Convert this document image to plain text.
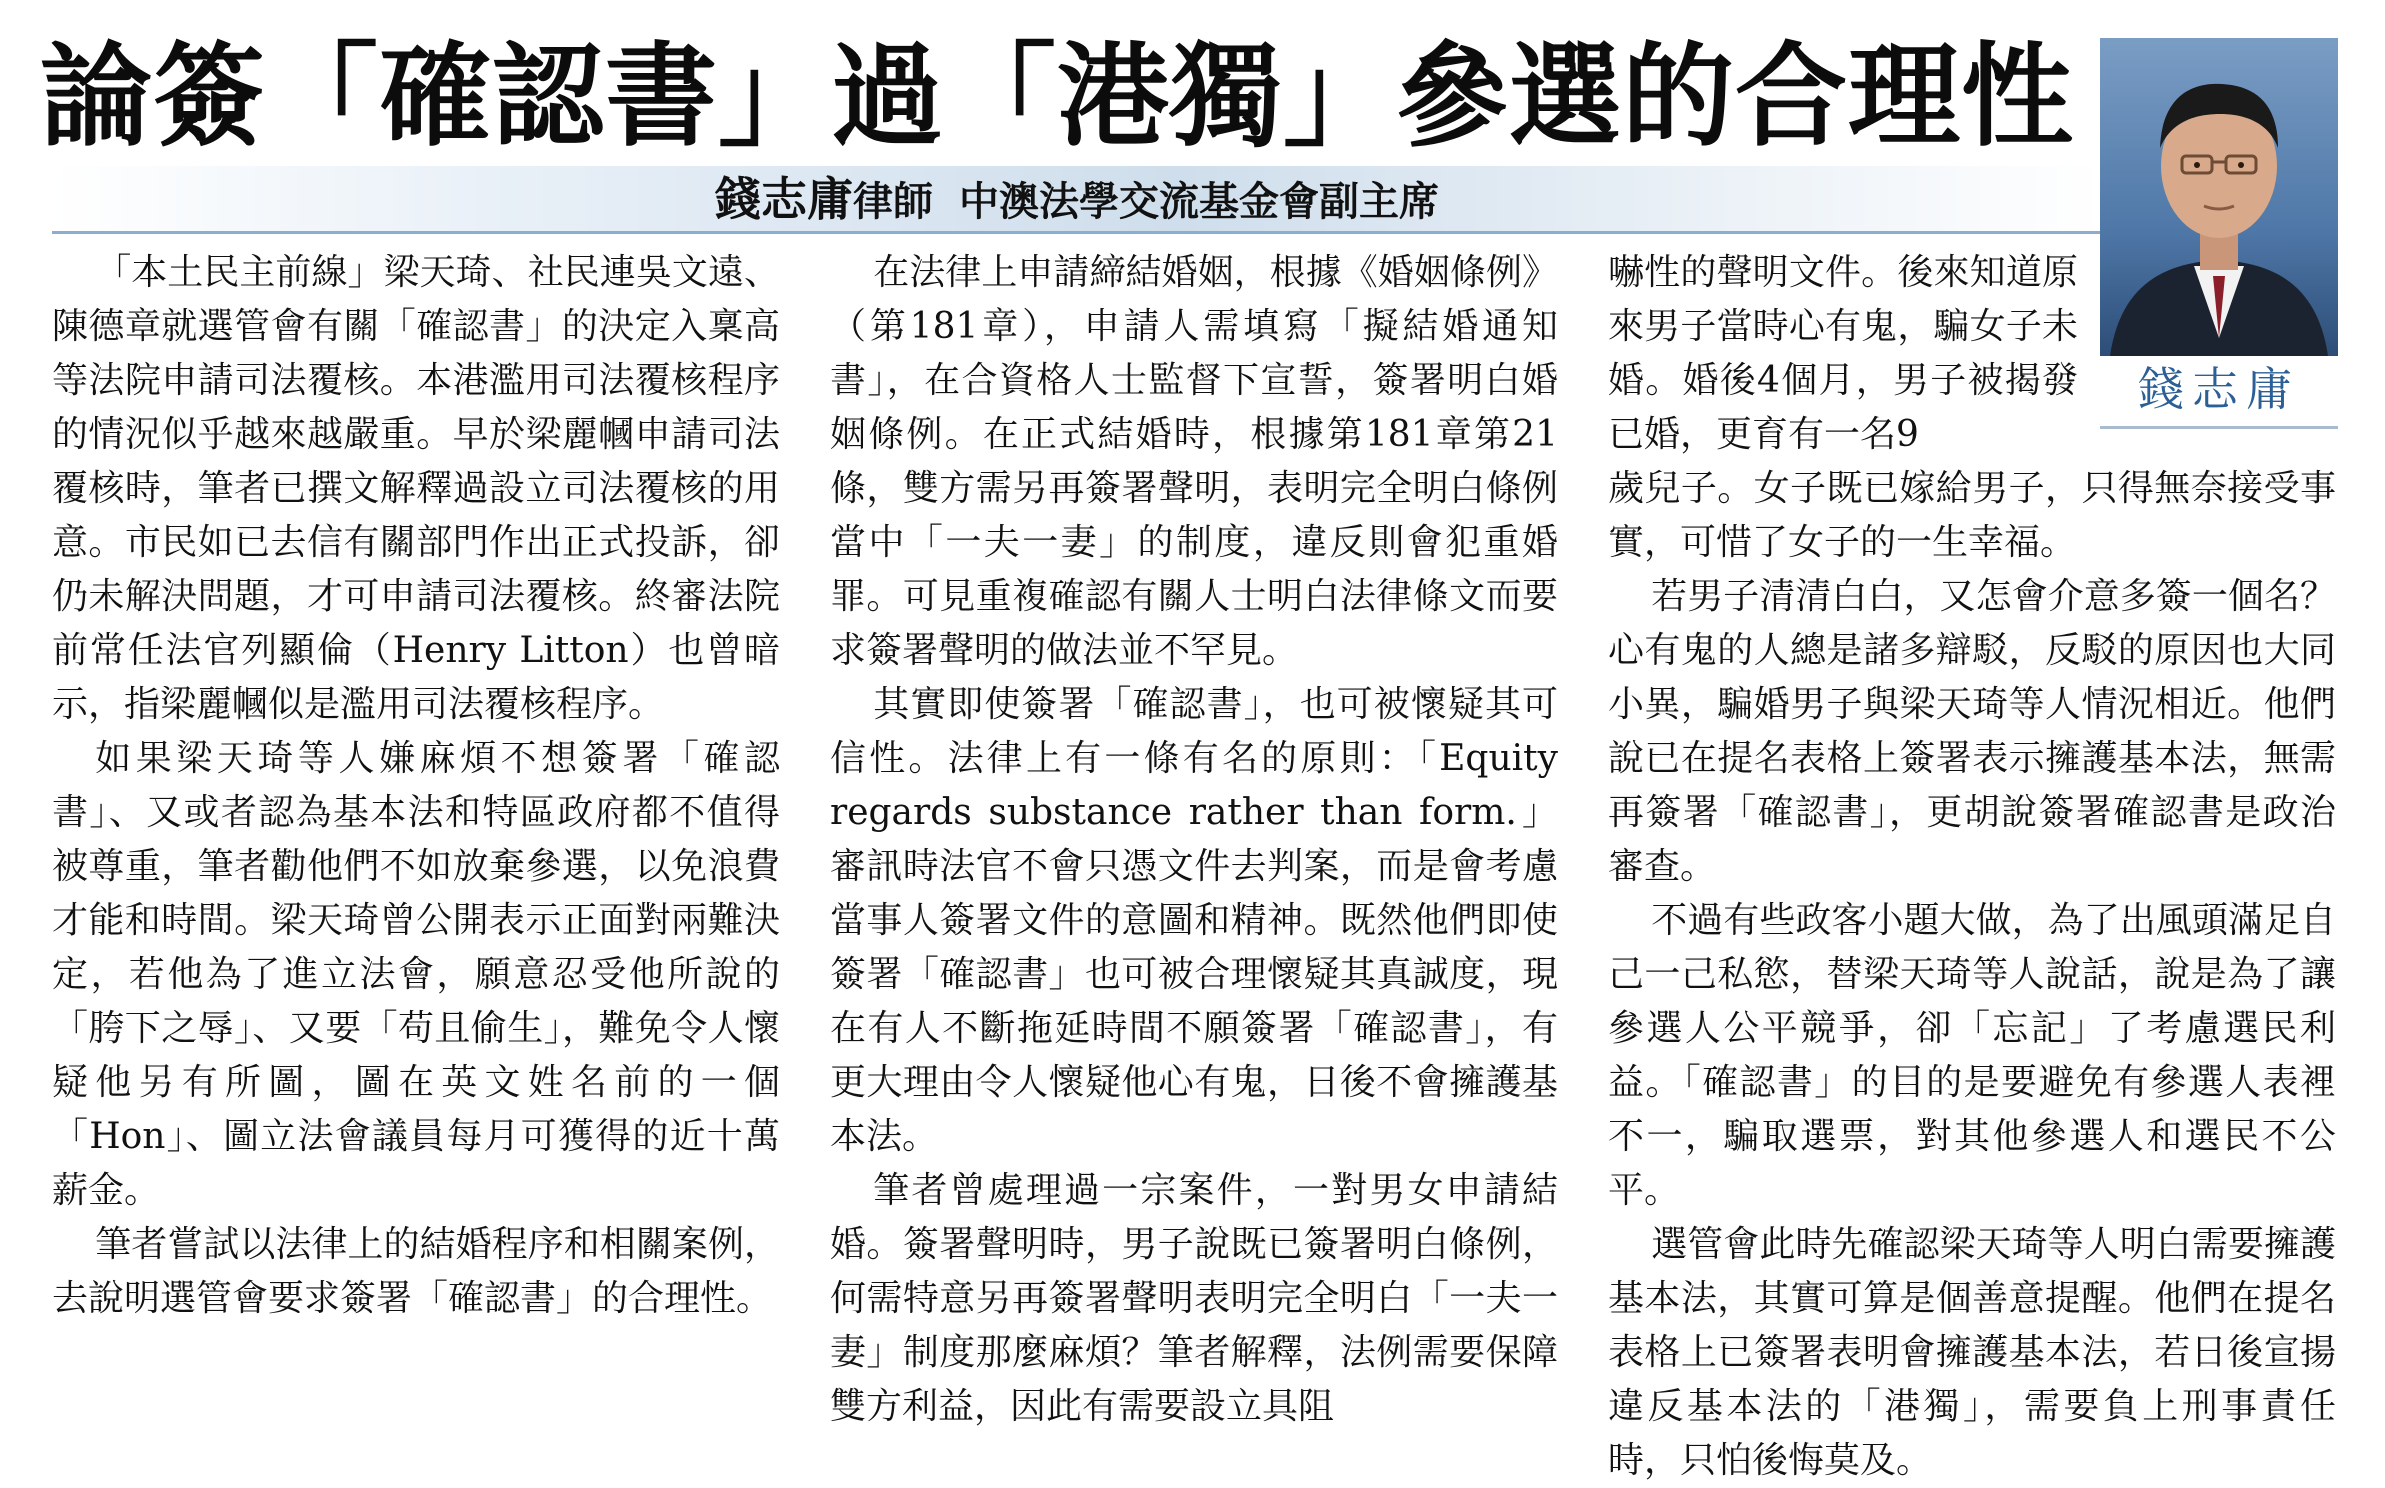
論簽「確認書」過「港獨」參選的合理性
錢志庸律師 中澳法學交流基金會副主席
錢志庸

「本土民主前線」梁天琦、社民連吳文遠、陳德章就選管會有關「確認書」的決定入稟高等法院申請司法覆核。本港濫用司法覆核程序的情況似乎越來越嚴重。早於梁麗幗申請司法覆核時，筆者已撰文解釋過設立司法覆核的用意。市民如已去信有關部門作出正式投訴，卻仍未解決問題，才可申請司法覆核。終審法院前常任法官列顯倫（Henry Litton）也曾暗示，指梁麗幗似是濫用司法覆核程序。

如果梁天琦等人嫌麻煩不想簽署「確認書」、又或者認為基本法和特區政府都不值得被尊重，筆者勸他們不如放棄參選，以免浪費才能和時間。梁天琦曾公開表示正面對兩難決定，若他為了進立法會，願意忍受他所說的「胯下之辱」、又要「苟且偷生」，難免令人懷疑他另有所圖，圖在英文姓名前的一個「Hon」、圖立法會議員每月可獲得的近十萬薪金。

筆者嘗試以法律上的結婚程序和相關案例，去說明選管會要求簽署「確認書」的合理性。

在法律上申請締結婚姻，根據《婚姻條例》（第181章），申請人需填寫「擬結婚通知書」，在合資格人士監督下宣誓，簽署明白婚姻條例。在正式結婚時，根據第181章第21條，雙方需另再簽署聲明，表明完全明白條例當中「一夫一妻」的制度，違反則會犯重婚罪。可見重複確認有關人士明白法律條文而要求簽署聲明的做法並不罕見。

其實即使簽署「確認書」，也可被懷疑其可信性。法律上有一條有名的原則：「Equity regards substance rather than form.」審訊時法官不會只憑文件去判案，而是會考慮當事人簽署文件的意圖和精神。既然他們即使簽署「確認書」也可被合理懷疑其真誠度，現在有人不斷拖延時間不願簽署「確認書」，有更大理由令人懷疑他心有鬼，日後不會擁護基本法。

筆者曾處理過一宗案件，一對男女申請結婚。簽署聲明時，男子說既已簽署明白條例，何需特意另再簽署聲明表明完全明白「一夫一妻」制度那麼麻煩？筆者解釋，法例需要保障雙方利益，因此有需要設立具阻

嚇性的聲明文件。後來知道原來男子當時心有鬼，騙女子未婚。婚後4個月，男子被揭發已婚，更育有一名9

歲兒子。女子既已嫁給男子，只得無奈接受事實，可惜了女子的一生幸福。

若男子清清白白，又怎會介意多簽一個名？心有鬼的人總是諸多辯駁，反駁的原因也大同小異，騙婚男子與梁天琦等人情況相近。他們說已在提名表格上簽署表示擁護基本法，無需再簽署「確認書」，更胡說簽署確認書是政治審查。

不過有些政客小題大做，為了出風頭滿足自己一己私慾，替梁天琦等人說話，說是為了讓參選人公平競爭，卻「忘記」了考慮選民利益。「確認書」的目的是要避免有參選人表裡不一，騙取選票，對其他參選人和選民不公平。

選管會此時先確認梁天琦等人明白需要擁護基本法，其實可算是個善意提醒。他們在提名表格上已簽署表明會擁護基本法，若日後宣揚違反基本法的「港獨」，需要負上刑事責任時，只怕後悔莫及。
